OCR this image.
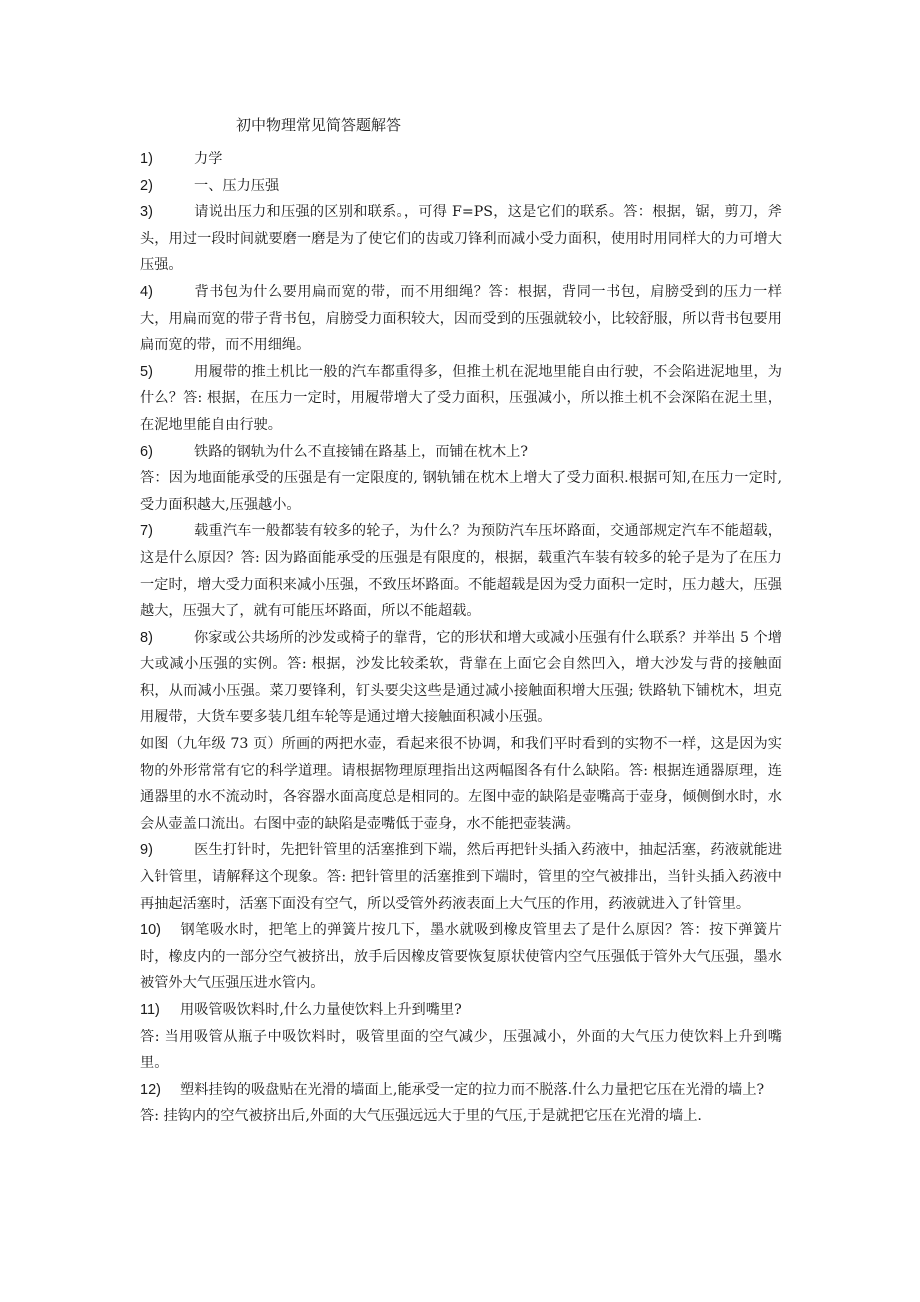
初中物理常见简答题解答

1)	力学

2)	一、压力压强

3)	请说出压力和压强的区别和联系。，可得 F=PS，这是它们的联系。答：根据，锯，剪刀，斧头，用过一段时间就要磨一磨是为了使它们的齿或刀锋利而减小受力面积，使用时用同样大的力可增大压强。

4)	背书包为什么要用扁而宽的带，而不用细绳？答：根据，背同一书包，肩膀受到的压力一样大，用扁而宽的带子背书包，肩膀受力面积较大，因而受到的压强就较小，比较舒服，所以背书包要用扁而宽的带，而不用细绳。

5)	用履带的推土机比一般的汽车都重得多，但推土机在泥地里能自由行驶，不会陷进泥地里，为什么？答: 根据，在压力一定时，用履带增大了受力面积，压强减小，所以推土机不会深陷在泥土里，在泥地里能自由行驶。

6)	铁路的钢轨为什么不直接铺在路基上，而铺在枕木上?

答：因为地面能承受的压强是有一定限度的, 钢轨铺在枕木上增大了受力面积.根据可知,在压力一定时,受力面积越大,压强越小。

7)	载重汽车一般都装有较多的轮子，为什么？为预防汽车压坏路面，交通部规定汽车不能超载，这是什么原因？答: 因为路面能承受的压强是有限度的，根据，载重汽车装有较多的轮子是为了在压力一定时，增大受力面积来减小压强，不致压坏路面。不能超载是因为受力面积一定时，压力越大，压强越大，压强大了，就有可能压坏路面，所以不能超载。

8)	你家或公共场所的沙发或椅子的靠背，它的形状和增大或减小压强有什么联系？并举出 5 个增大或减小压强的实例。答: 根据，沙发比较柔软，背靠在上面它会自然凹入，增大沙发与背的接触面积，从而减小压强。菜刀要锋利，钉头要尖这些是通过减小接触面积增大压强; 铁路轨下铺枕木，坦克用履带，大货车要多装几组车轮等是通过增大接触面积减小压强。

如图（九年级 73 页）所画的两把水壶，看起来很不协调，和我们平时看到的实物不一样，这是因为实物的外形常常有它的科学道理。请根据物理原理指出这两幅图各有什么缺陷。答: 根据连通器原理，连通器里的水不流动时，各容器水面高度总是相同的。左图中壶的缺陷是壶嘴高于壶身，倾侧倒水时，水会从壶盖口流出。右图中壶的缺陷是壶嘴低于壶身，水不能把壶装满。

9)	医生打针时，先把针管里的活塞推到下端，然后再把针头插入药液中，抽起活塞，药液就能进入针管里，请解释这个现象。答: 把针管里的活塞推到下端时，管里的空气被排出，当针头插入药液中再抽起活塞时，活塞下面没有空气，所以受管外药液表面上大气压的作用，药液就进入了针管里。

10) 钢笔吸水时，把笔上的弹簧片按几下，墨水就吸到橡皮管里去了是什么原因？答：按下弹簧片时，橡皮内的一部分空气被挤出，放手后因橡皮管要恢复原状使管内空气压强低于管外大气压强，墨水被管外大气压强压进水管内。

11) 用吸管吸饮料时,什么力量使饮料上升到嘴里?

答: 当用吸管从瓶子中吸饮料时，吸管里面的空气减少，压强减小，外面的大气压力使饮料上升到嘴里。

12) 塑料挂钩的吸盘贴在光滑的墙面上,能承受一定的拉力而不脱落.什么力量把它压在光滑的墙上?

答: 挂钩内的空气被挤出后,外面的大气压强远远大于里的气压,于是就把它压在光滑的墙上.
